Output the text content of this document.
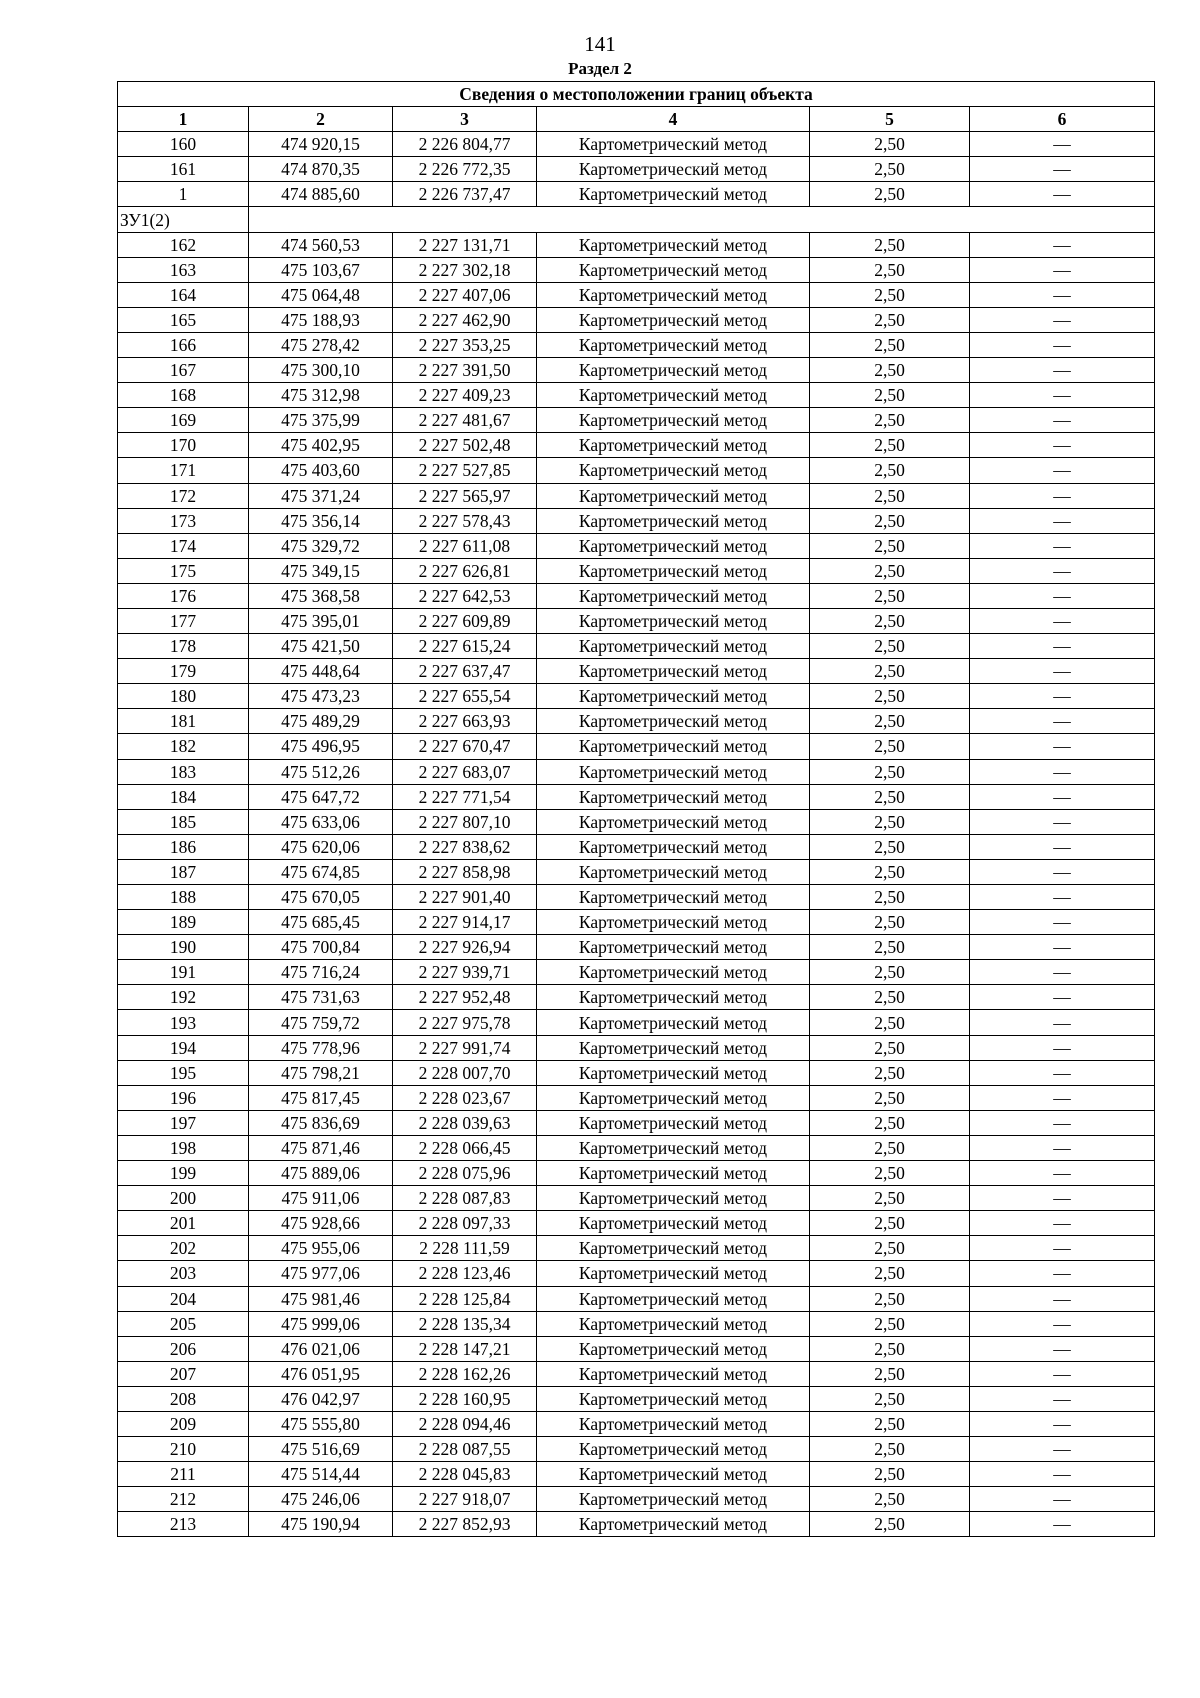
141
Раздел 2
Сведения о местоположении границ объекта					
1	2	3	4	5	6
160	474 920,15	2 226 804,77	Картометрический метод	2,50	—
161	474 870,35	2 226 772,35	Картометрический метод	2,50	—
1	474 885,60	2 226 737,47	Картометрический метод	2,50	—
ЗУ1(2)					
162	474 560,53	2 227 131,71	Картометрический метод	2,50	—
163	475 103,67	2 227 302,18	Картометрический метод	2,50	—
164	475 064,48	2 227 407,06	Картометрический метод	2,50	—
165	475 188,93	2 227 462,90	Картометрический метод	2,50	—
166	475 278,42	2 227 353,25	Картометрический метод	2,50	—
167	475 300,10	2 227 391,50	Картометрический метод	2,50	—
168	475 312,98	2 227 409,23	Картометрический метод	2,50	—
169	475 375,99	2 227 481,67	Картометрический метод	2,50	—
170	475 402,95	2 227 502,48	Картометрический метод	2,50	—
171	475 403,60	2 227 527,85	Картометрический метод	2,50	—
172	475 371,24	2 227 565,97	Картометрический метод	2,50	—
173	475 356,14	2 227 578,43	Картометрический метод	2,50	—
174	475 329,72	2 227 611,08	Картометрический метод	2,50	—
175	475 349,15	2 227 626,81	Картометрический метод	2,50	—
176	475 368,58	2 227 642,53	Картометрический метод	2,50	—
177	475 395,01	2 227 609,89	Картометрический метод	2,50	—
178	475 421,50	2 227 615,24	Картометрический метод	2,50	—
179	475 448,64	2 227 637,47	Картометрический метод	2,50	—
180	475 473,23	2 227 655,54	Картометрический метод	2,50	—
181	475 489,29	2 227 663,93	Картометрический метод	2,50	—
182	475 496,95	2 227 670,47	Картометрический метод	2,50	—
183	475 512,26	2 227 683,07	Картометрический метод	2,50	—
184	475 647,72	2 227 771,54	Картометрический метод	2,50	—
185	475 633,06	2 227 807,10	Картометрический метод	2,50	—
186	475 620,06	2 227 838,62	Картометрический метод	2,50	—
187	475 674,85	2 227 858,98	Картометрический метод	2,50	—
188	475 670,05	2 227 901,40	Картометрический метод	2,50	—
189	475 685,45	2 227 914,17	Картометрический метод	2,50	—
190	475 700,84	2 227 926,94	Картометрический метод	2,50	—
191	475 716,24	2 227 939,71	Картометрический метод	2,50	—
192	475 731,63	2 227 952,48	Картометрический метод	2,50	—
193	475 759,72	2 227 975,78	Картометрический метод	2,50	—
194	475 778,96	2 227 991,74	Картометрический метод	2,50	—
195	475 798,21	2 228 007,70	Картометрический метод	2,50	—
196	475 817,45	2 228 023,67	Картометрический метод	2,50	—
197	475 836,69	2 228 039,63	Картометрический метод	2,50	—
198	475 871,46	2 228 066,45	Картометрический метод	2,50	—
199	475 889,06	2 228 075,96	Картометрический метод	2,50	—
200	475 911,06	2 228 087,83	Картометрический метод	2,50	—
201	475 928,66	2 228 097,33	Картометрический метод	2,50	—
202	475 955,06	2 228 111,59	Картометрический метод	2,50	—
203	475 977,06	2 228 123,46	Картометрический метод	2,50	—
204	475 981,46	2 228 125,84	Картометрический метод	2,50	—
205	475 999,06	2 228 135,34	Картометрический метод	2,50	—
206	476 021,06	2 228 147,21	Картометрический метод	2,50	—
207	476 051,95	2 228 162,26	Картометрический метод	2,50	—
208	476 042,97	2 228 160,95	Картометрический метод	2,50	—
209	475 555,80	2 228 094,46	Картометрический метод	2,50	—
210	475 516,69	2 228 087,55	Картометрический метод	2,50	—
211	475 514,44	2 228 045,83	Картометрический метод	2,50	—
212	475 246,06	2 227 918,07	Картометрический метод	2,50	—
213	475 190,94	2 227 852,93	Картометрический метод	2,50	—
